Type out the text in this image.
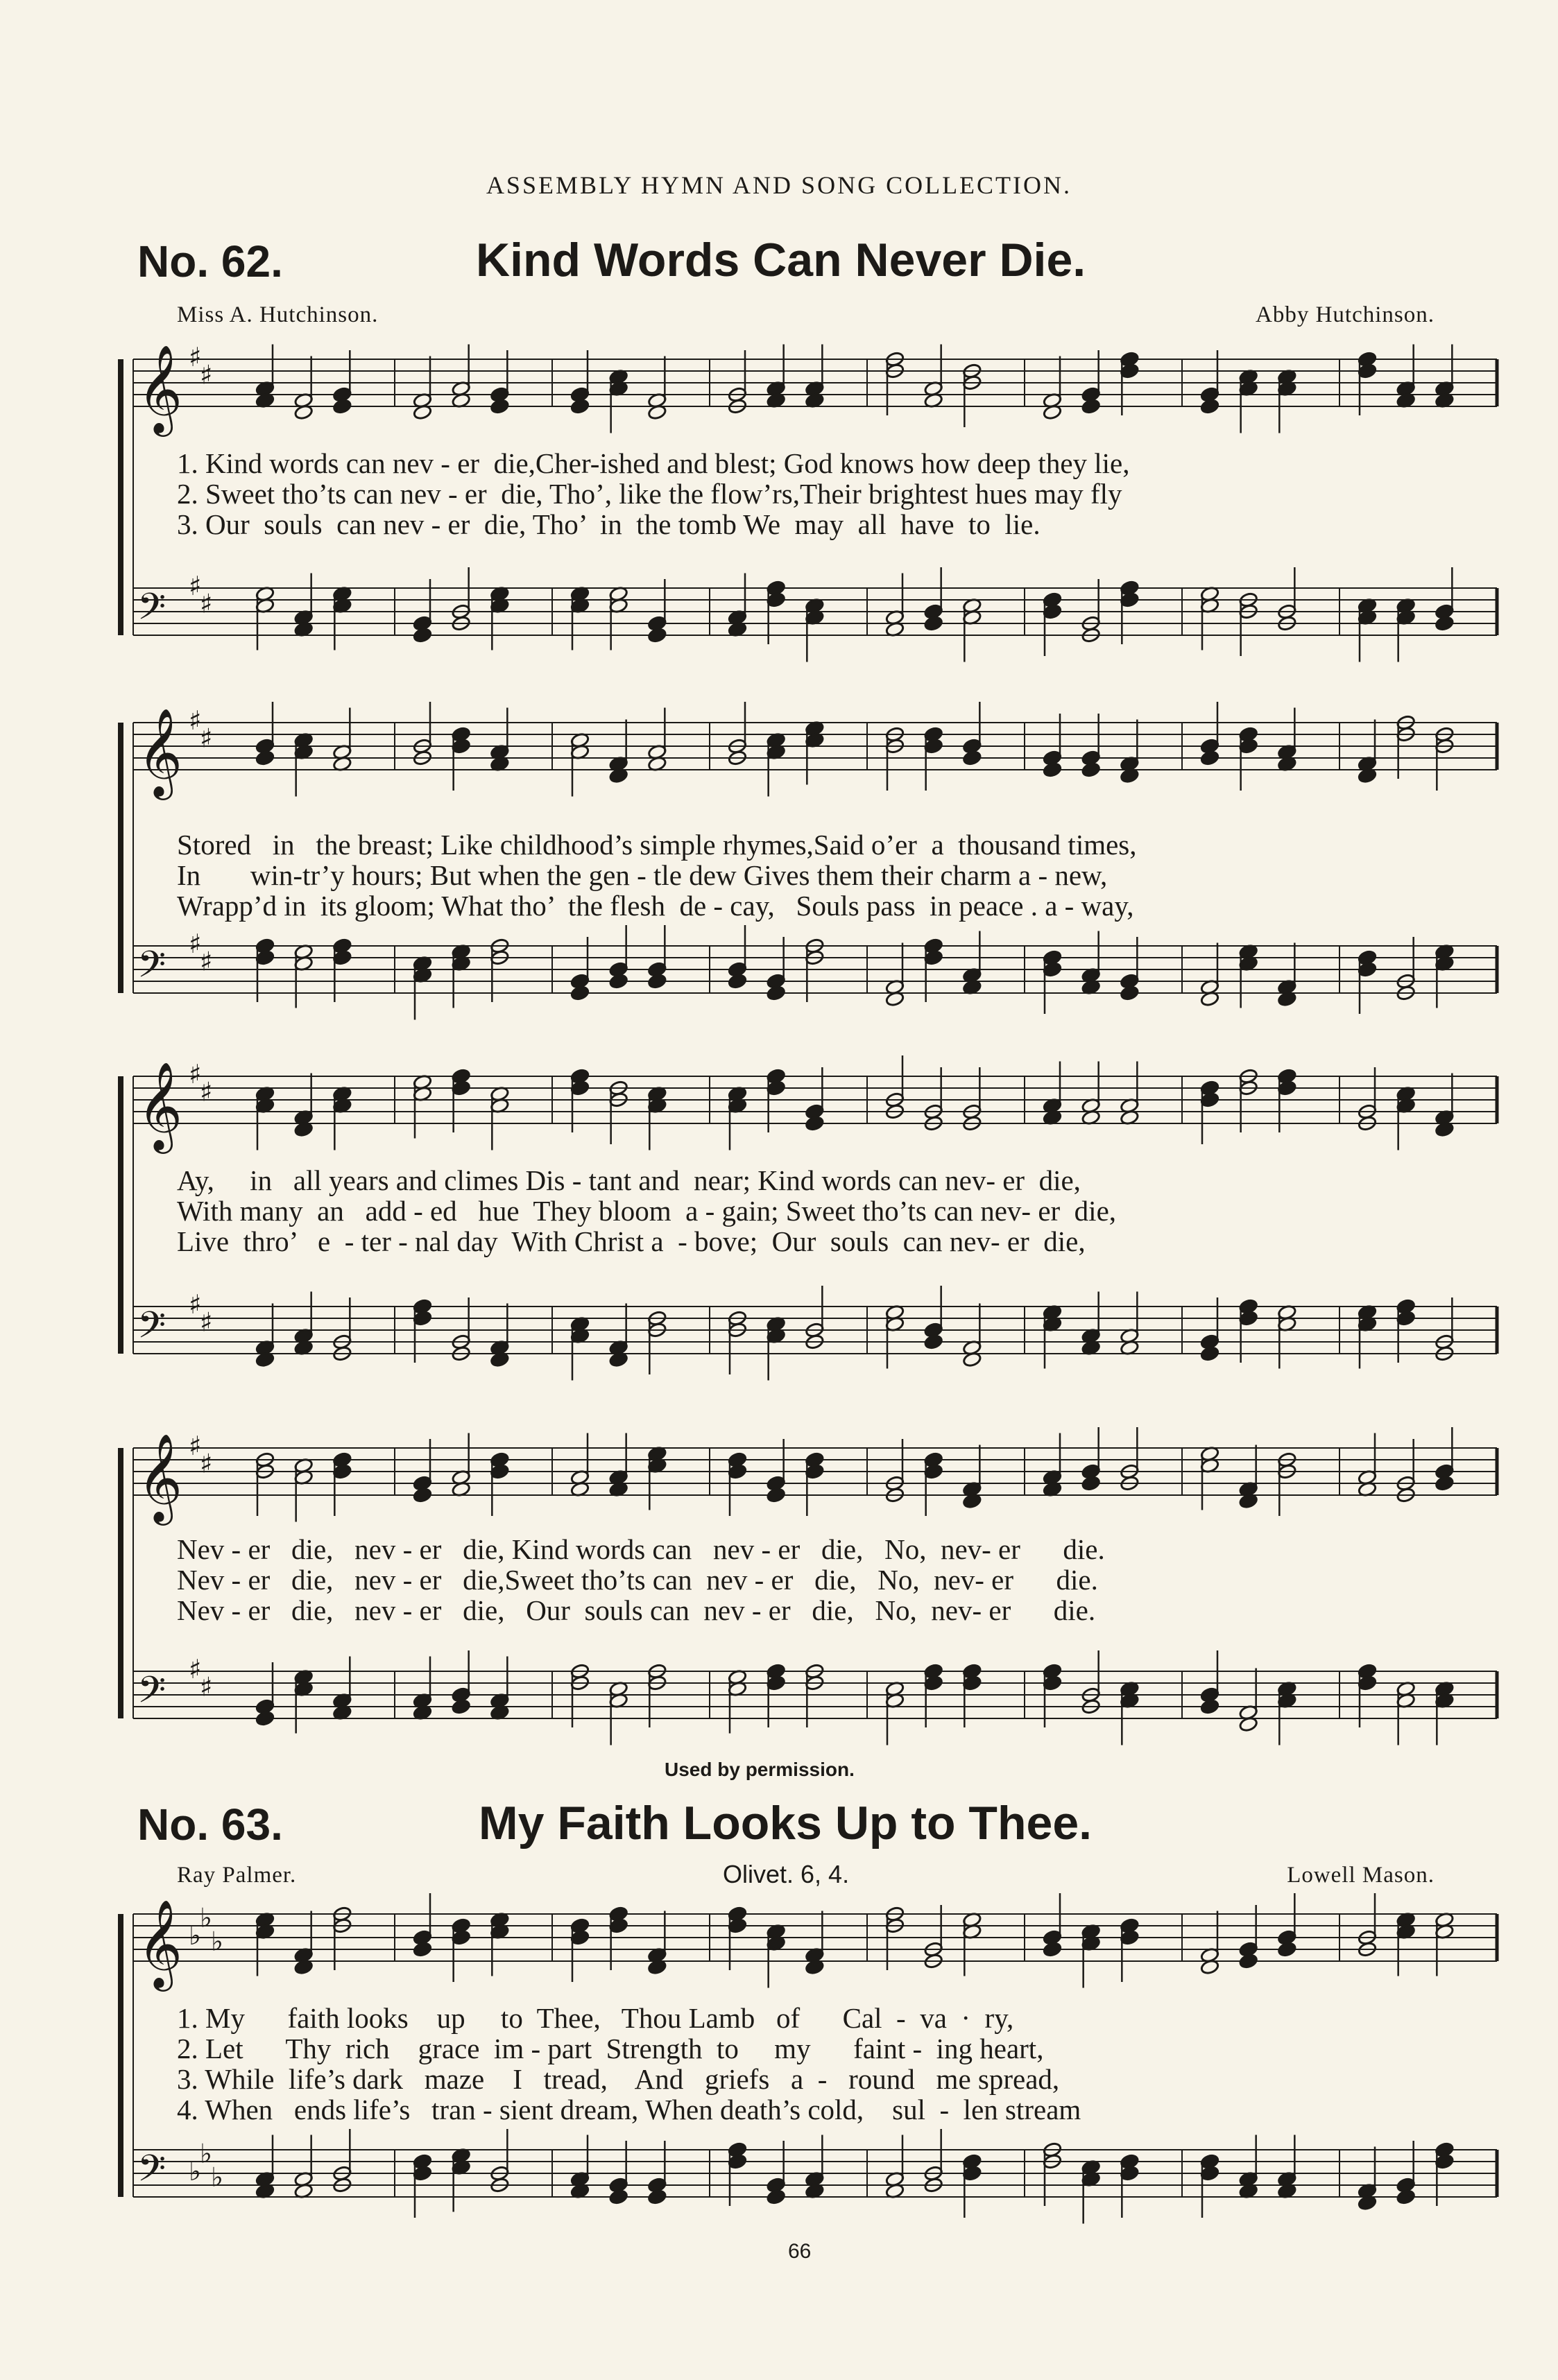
ASSEMBLY HYMN AND SONG COLLECTION.
No. 62.	Kind Words Can Never Die.
Miss A. Hutchinson.	Abby Hutchinson.
𝄞 ♯
♯
1. Kind words can nev - er  die,Cher-ished and blest; God knows how deep they lie,
2. Sweet tho’ts can nev - er  die, Tho’, like the flow’rs,Their brightest hues may fly
3. Our  souls  can nev - er  die, Tho’  in  the tomb We  may  all  have  to  lie.
𝄢 ♯
♯
𝄞 ♯
♯
Stored   in   the breast; Like childhood’s simple rhymes,Said o’er  a  thousand times,
In       win-tr’y hours; But when the gen - tle dew Gives them their charm a - new,
Wrapp’d in  its gloom; What tho’  the flesh  de - cay,   Souls pass  in peace . a - way,
𝄢 ♯
♯
𝄞 ♯
♯
Ay,     in   all years and climes Dis - tant and  near; Kind words can nev- er  die,
With many  an   add - ed   hue  They bloom  a - gain; Sweet tho’ts can nev- er  die,
Live  thro’   e  - ter - nal day  With Christ a  - bove;  Our  souls  can nev- er  die,
𝄢 ♯
♯
𝄞 ♯
♯
Nev - er   die,   nev - er   die, Kind words can   nev - er   die,   No,  nev- er      die.
Nev - er   die,   nev - er   die,Sweet tho’ts can  nev - er   die,   No,  nev- er      die.
Nev - er   die,   nev - er   die,   Our  souls can  nev - er   die,   No,  nev- er      die.
𝄢 ♯
♯
Used by permission.
No. 63.	My Faith Looks Up to Thee.
Ray Palmer.	Olivet. 6, 4.	Lowell Mason.
𝄞 ♭
♭
♭
1. My      faith looks    up     to  Thee,   Thou Lamb   of      Cal  -  va  ·  ry,
2. Let      Thy  rich    grace  im - part  Strength  to     my      faint -  ing heart,
3. While  life’s dark   maze    I   tread,    And   griefs   a  -   round   me spread,
4. When   ends life’s   tran - sient dream, When death’s cold,    sul  -  len stream
𝄢 ♭
♭
♭
66
